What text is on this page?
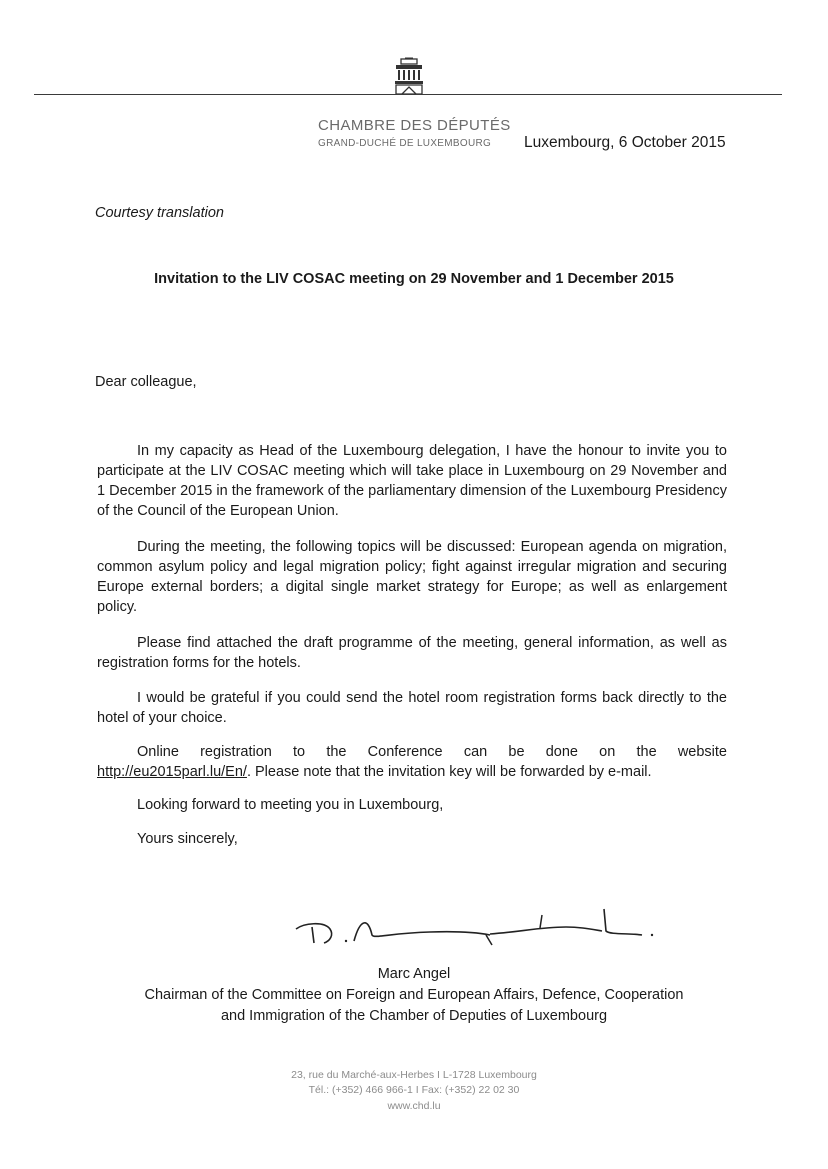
CHAMBRE DES DÉPUTÉS
GRAND-DUCHÉ DE LUXEMBOURG Luxembourg, 6 October 2015
Courtesy translation
Invitation to the LIV COSAC meeting on 29 November and 1 December 2015
Dear colleague,

In my capacity as Head of the Luxembourg delegation, I have the honour to invite you to participate at the LIV COSAC meeting which will take place in Luxembourg on 29 November and 1 December 2015 in the framework of the parliamentary dimension of the Luxembourg Presidency of the Council of the European Union.

During the meeting, the following topics will be discussed: European agenda on migration, common asylum policy and legal migration policy; fight against irregular migration and securing Europe external borders; a digital single market strategy for Europe; as well as enlargement policy.

Please find attached the draft programme of the meeting, general information, as well as registration forms for the hotels.

I would be grateful if you could send the hotel room registration forms back directly to the hotel of your choice.

Online registration to the Conference can be done on the website

http://eu2015parl.lu/En/. Please note that the invitation key will be forwarded by e-mail.
Looking forward to meeting you in Luxembourg,
Yours sincerely,
Marc Angel
Chairman of the Committee on Foreign and European Affairs, Defence, Cooperation
and Immigration of the Chamber of Deputies of Luxembourg
23, rue du Marché-aux-Herbes I L-1728 Luxembourg
Tél.: (+352) 466 966-1 I Fax: (+352) 22 02 30
www.chd.lu
